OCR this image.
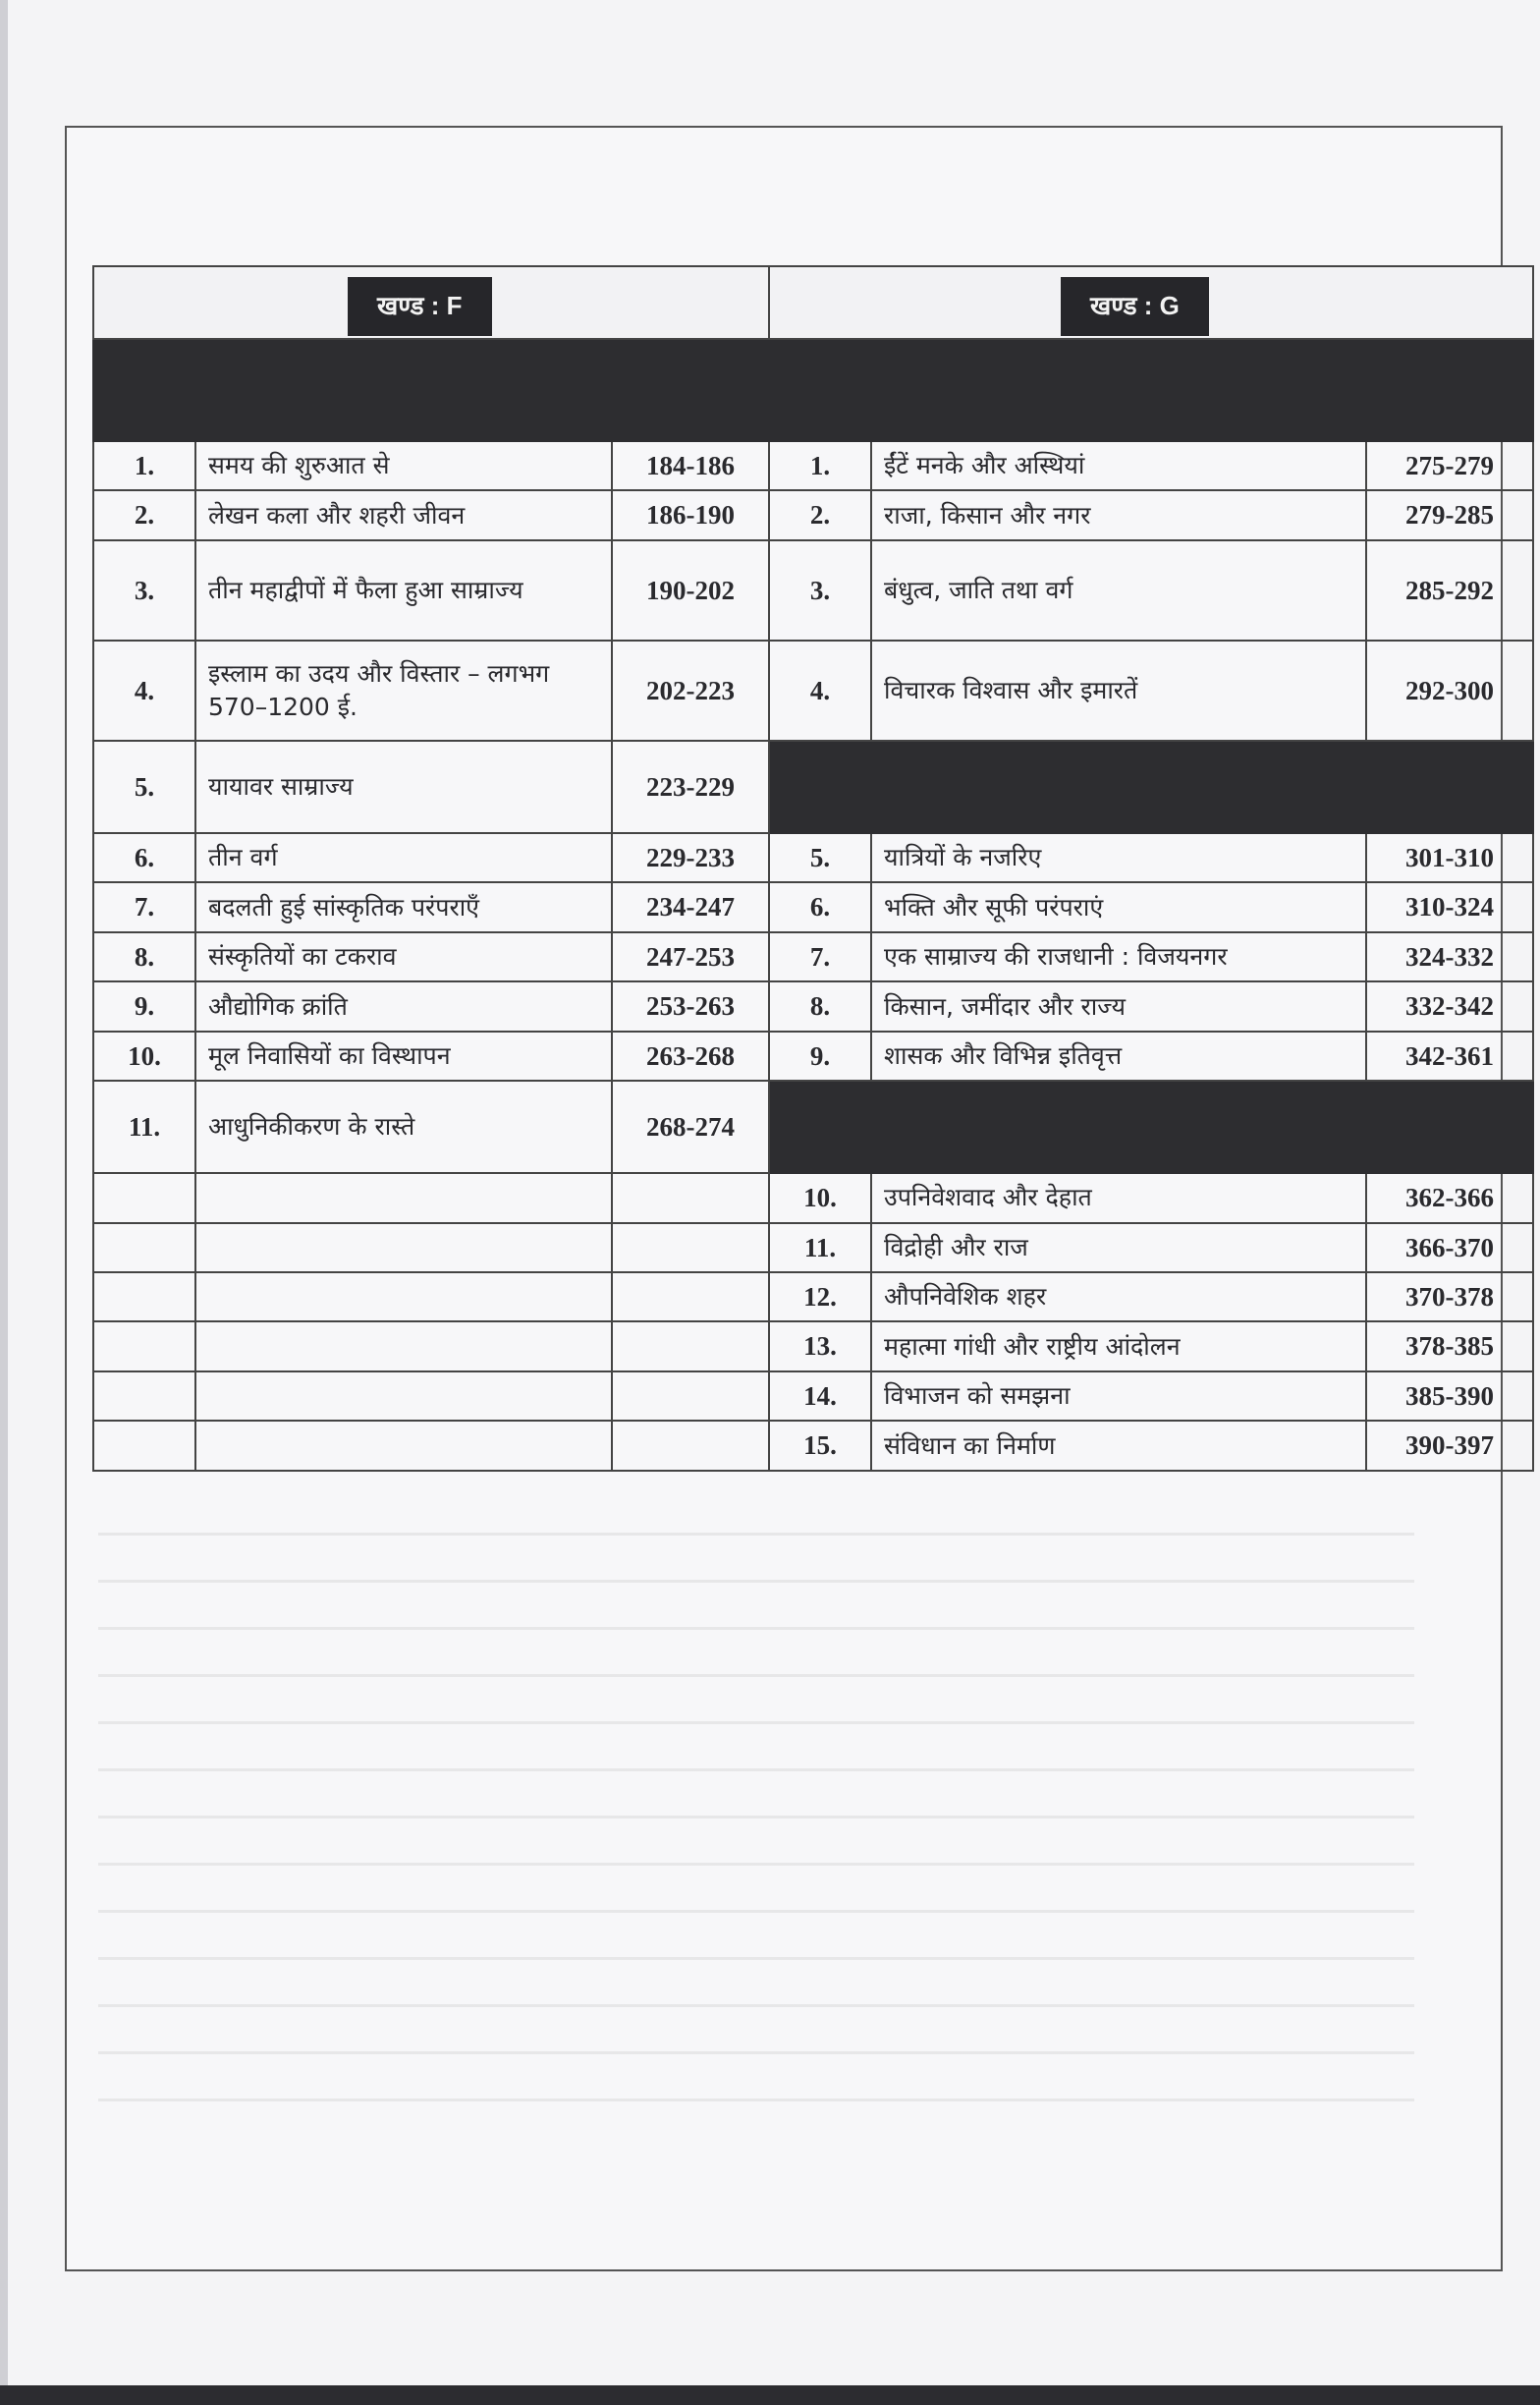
खण्ड : F			खण्ड : G		

1.	समय की शुरुआत से	184-186	1.	ईंटें मनके और अस्थियां	275-279
2.	लेखन कला और शहरी जीवन	186-190	2.	राजा, किसान और नगर	279-285
3.	तीन महाद्वीपों में फैला हुआ साम्राज्य	190-202	3.	बंधुत्व, जाति तथा वर्ग	285-292
4.	इस्लाम का उदय और विस्तार – लगभग 570–1200 ई.	202-223	4.	विचारक विश्वास और इमारतें	292-300
5.	यायावर साम्राज्य	223-229			
6.	तीन वर्ग	229-233	5.	यात्रियों के नजरिए	301-310
7.	बदलती हुई सांस्कृतिक परंपराएँ	234-247	6.	भक्ति और सूफी परंपराएं	310-324
8.	संस्कृतियों का टकराव	247-253	7.	एक साम्राज्य की राजधानी : विजयनगर	324-332
9.	औद्योगिक क्रांति	253-263	8.	किसान, जमींदार और राज्य	332-342
10.	मूल निवासियों का विस्थापन	263-268	9.	शासक और विभिन्न इतिवृत्त	342-361
11.	आधुनिकीकरण के रास्ते	268-274			
			10.	उपनिवेशवाद और देहात	362-366
			11.	विद्रोही और राज	366-370
			12.	औपनिवेशिक शहर	370-378
			13.	महात्मा गांधी और राष्ट्रीय आंदोलन	378-385
			14.	विभाजन को समझना	385-390
			15.	संविधान का निर्माण	390-397
